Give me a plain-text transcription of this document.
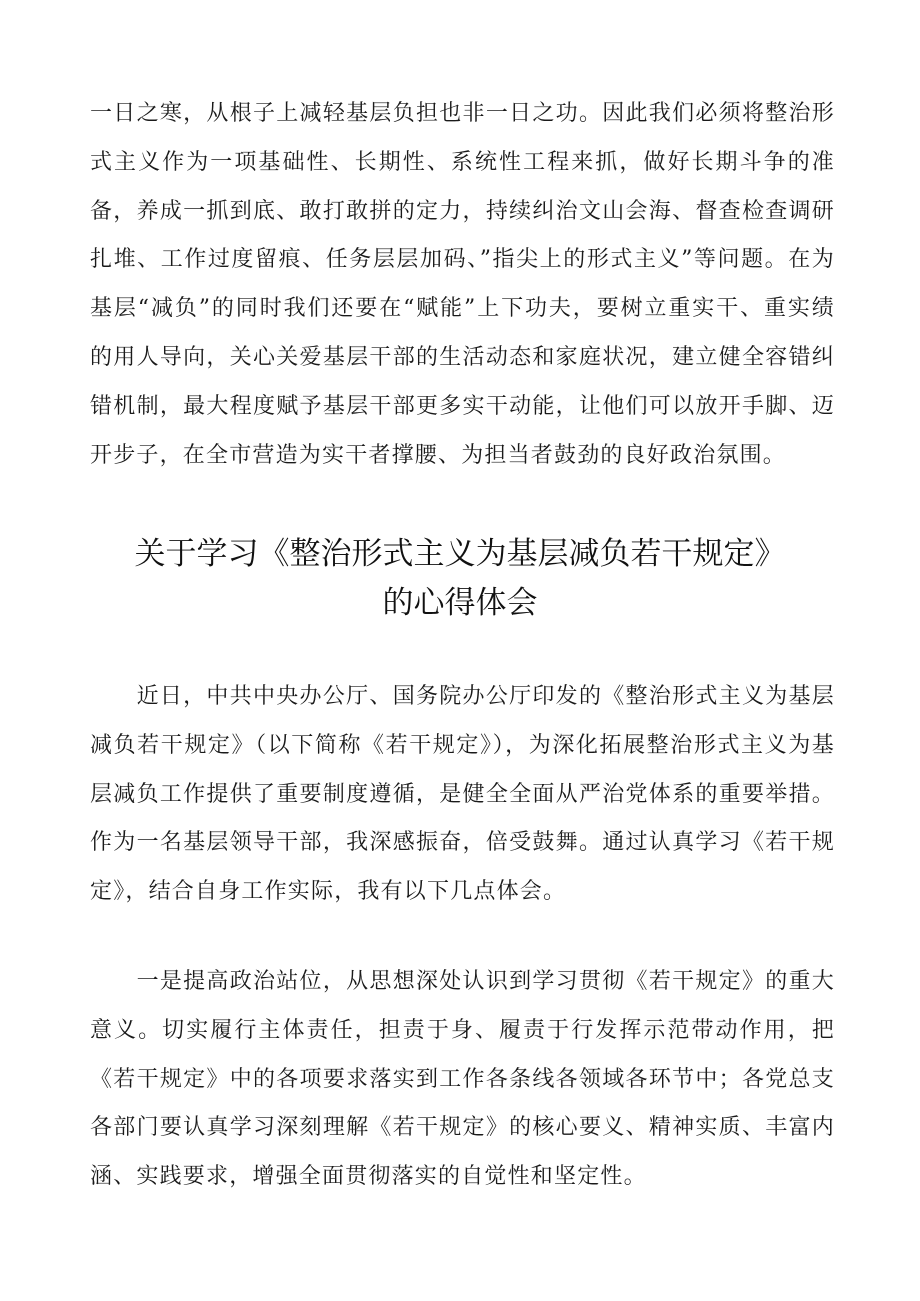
一日之寒，从根子上减轻基层负担也非一日之功。因此我们必须将整治形式主义作为一项基础性、长期性、系统性工程来抓，做好长期斗争的准备，养成一抓到底、敢打敢拼的定力，持续纠治文山会海、督查检查调研扎堆、工作过度留痕、任务层层加码、”指尖上的形式主义”等问题。在为基层“减负”的同时我们还要在“赋能”上下功夫，要树立重实干、重实绩的用人导向，关心关爱基层干部的生活动态和家庭状况，建立健全容错纠错机制，最大程度赋予基层干部更多实干动能，让他们可以放开手脚、迈开步子，在全市营造为实干者撑腰、为担当者鼓劲的良好政治氛围。

关于学习《整治形式主义为基层减负若干规定》
的心得体会

　　近日，中共中央办公厅、国务院办公厅印发的《整治形式主义为基层减负若干规定》（以下简称《若干规定》），为深化拓展整治形式主义为基层减负工作提供了重要制度遵循，是健全全面从严治党体系的重要举措。作为一名基层领导干部，我深感振奋，倍受鼓舞。通过认真学习《若干规定》，结合自身工作实际，我有以下几点体会。

　　一是提高政治站位，从思想深处认识到学习贯彻《若干规定》的重大意义。切实履行主体责任，担责于身、履责于行发挥示范带动作用，把《若干规定》中的各项要求落实到工作各条线各领域各环节中；各党总支各部门要认真学习深刻理解《若干规定》的核心要义、精神实质、丰富内涵、实践要求，增强全面贯彻落实的自觉性和坚定性。
